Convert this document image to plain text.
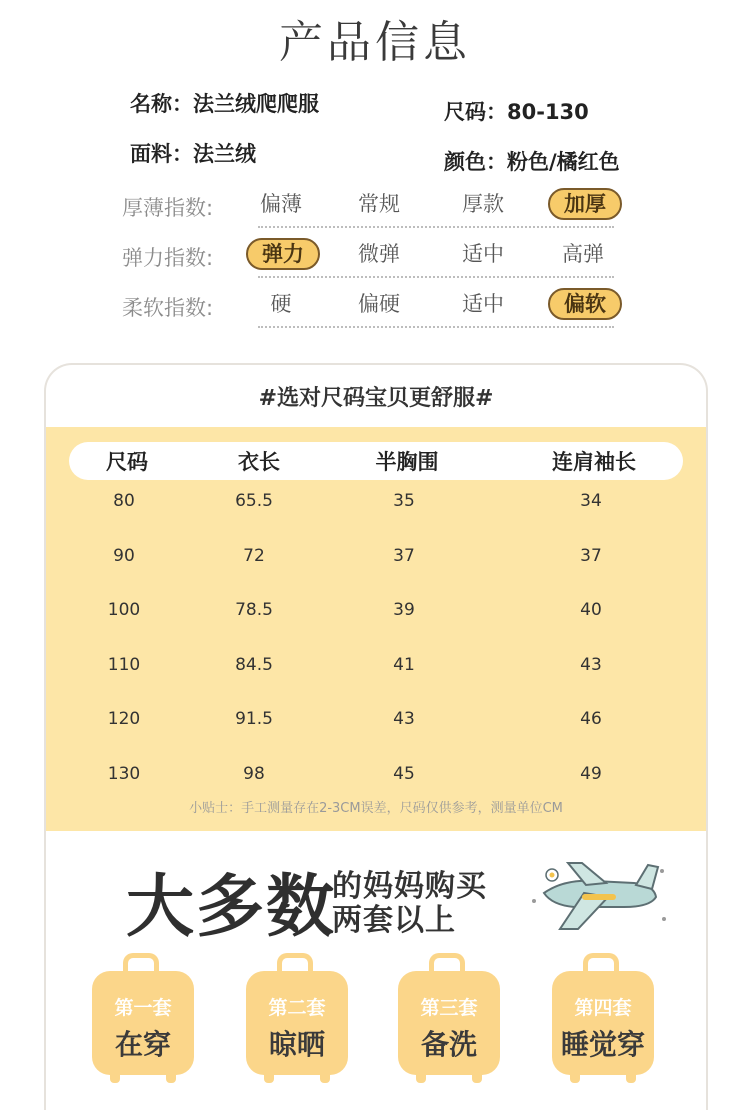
产品信息
名称：法兰绒爬爬服
面料：法兰绒
尺码：80-130
颜色：粉色/橘红色
厚薄指数:	偏薄	常规	厚款	加厚
弹力指数:	弹力	微弹	适中	高弹
柔软指数:	硬	偏硬	适中	偏软
#选对尺码宝贝更舒服#
尺码	衣长	半胸围	连肩袖长
80	65.5	35	34
90	72	37	37
100	78.5	39	40
110	84.5	41	43
120	91.5	43	46
130	98	45	49
小贴士：手工测量存在2-3CM误差，尺码仅供参考，测量单位CM
大多数
的妈妈购买
两套以上
第一套
在穿
第二套
晾晒
第三套
备洗
第四套
睡觉穿
